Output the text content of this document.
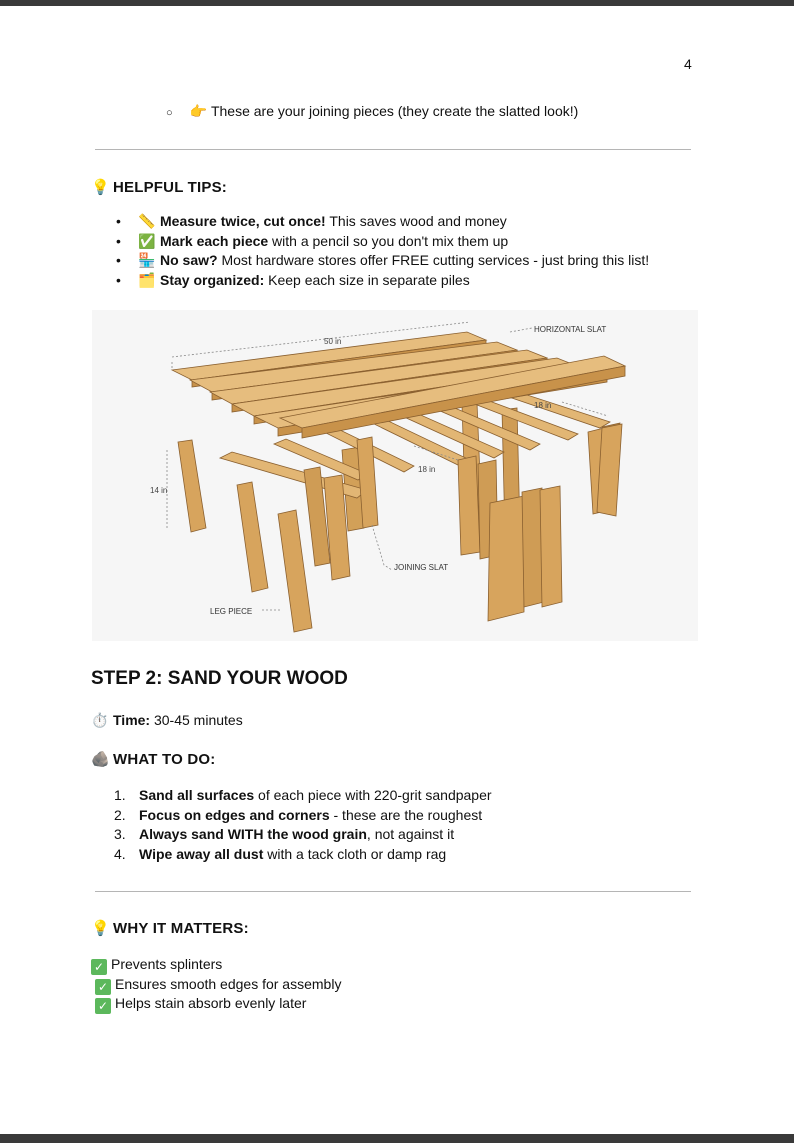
4
○ 👉 These are your joining pieces (they create the slatted look!)
💡 HELPFUL TIPS:
• 📏 Measure twice, cut once! This saves wood and money
• ✅ Mark each piece with a pencil so you don't mix them up
• 🏪 No saw? Most hardware stores offer FREE cutting services - just bring this list!
• 🗂️ Stay organized: Keep each size in separate piles
50 in
18 in
18 in
14 in
HORIZONTAL SLAT
JOINING SLAT
LEG PIECE
STEP 2: SAND YOUR WOOD
⏱️ Time: 30-45 minutes
🪨 WHAT TO DO:
1. Sand all surfaces of each piece with 220-grit sandpaper
2. Focus on edges and corners - these are the roughest
3. Always sand WITH the wood grain, not against it
4. Wipe away all dust with a tack cloth or damp rag
💡 WHY IT MATTERS:
✓ Prevents splinters
✓ Ensures smooth edges for assembly
✓ Helps stain absorb evenly later
